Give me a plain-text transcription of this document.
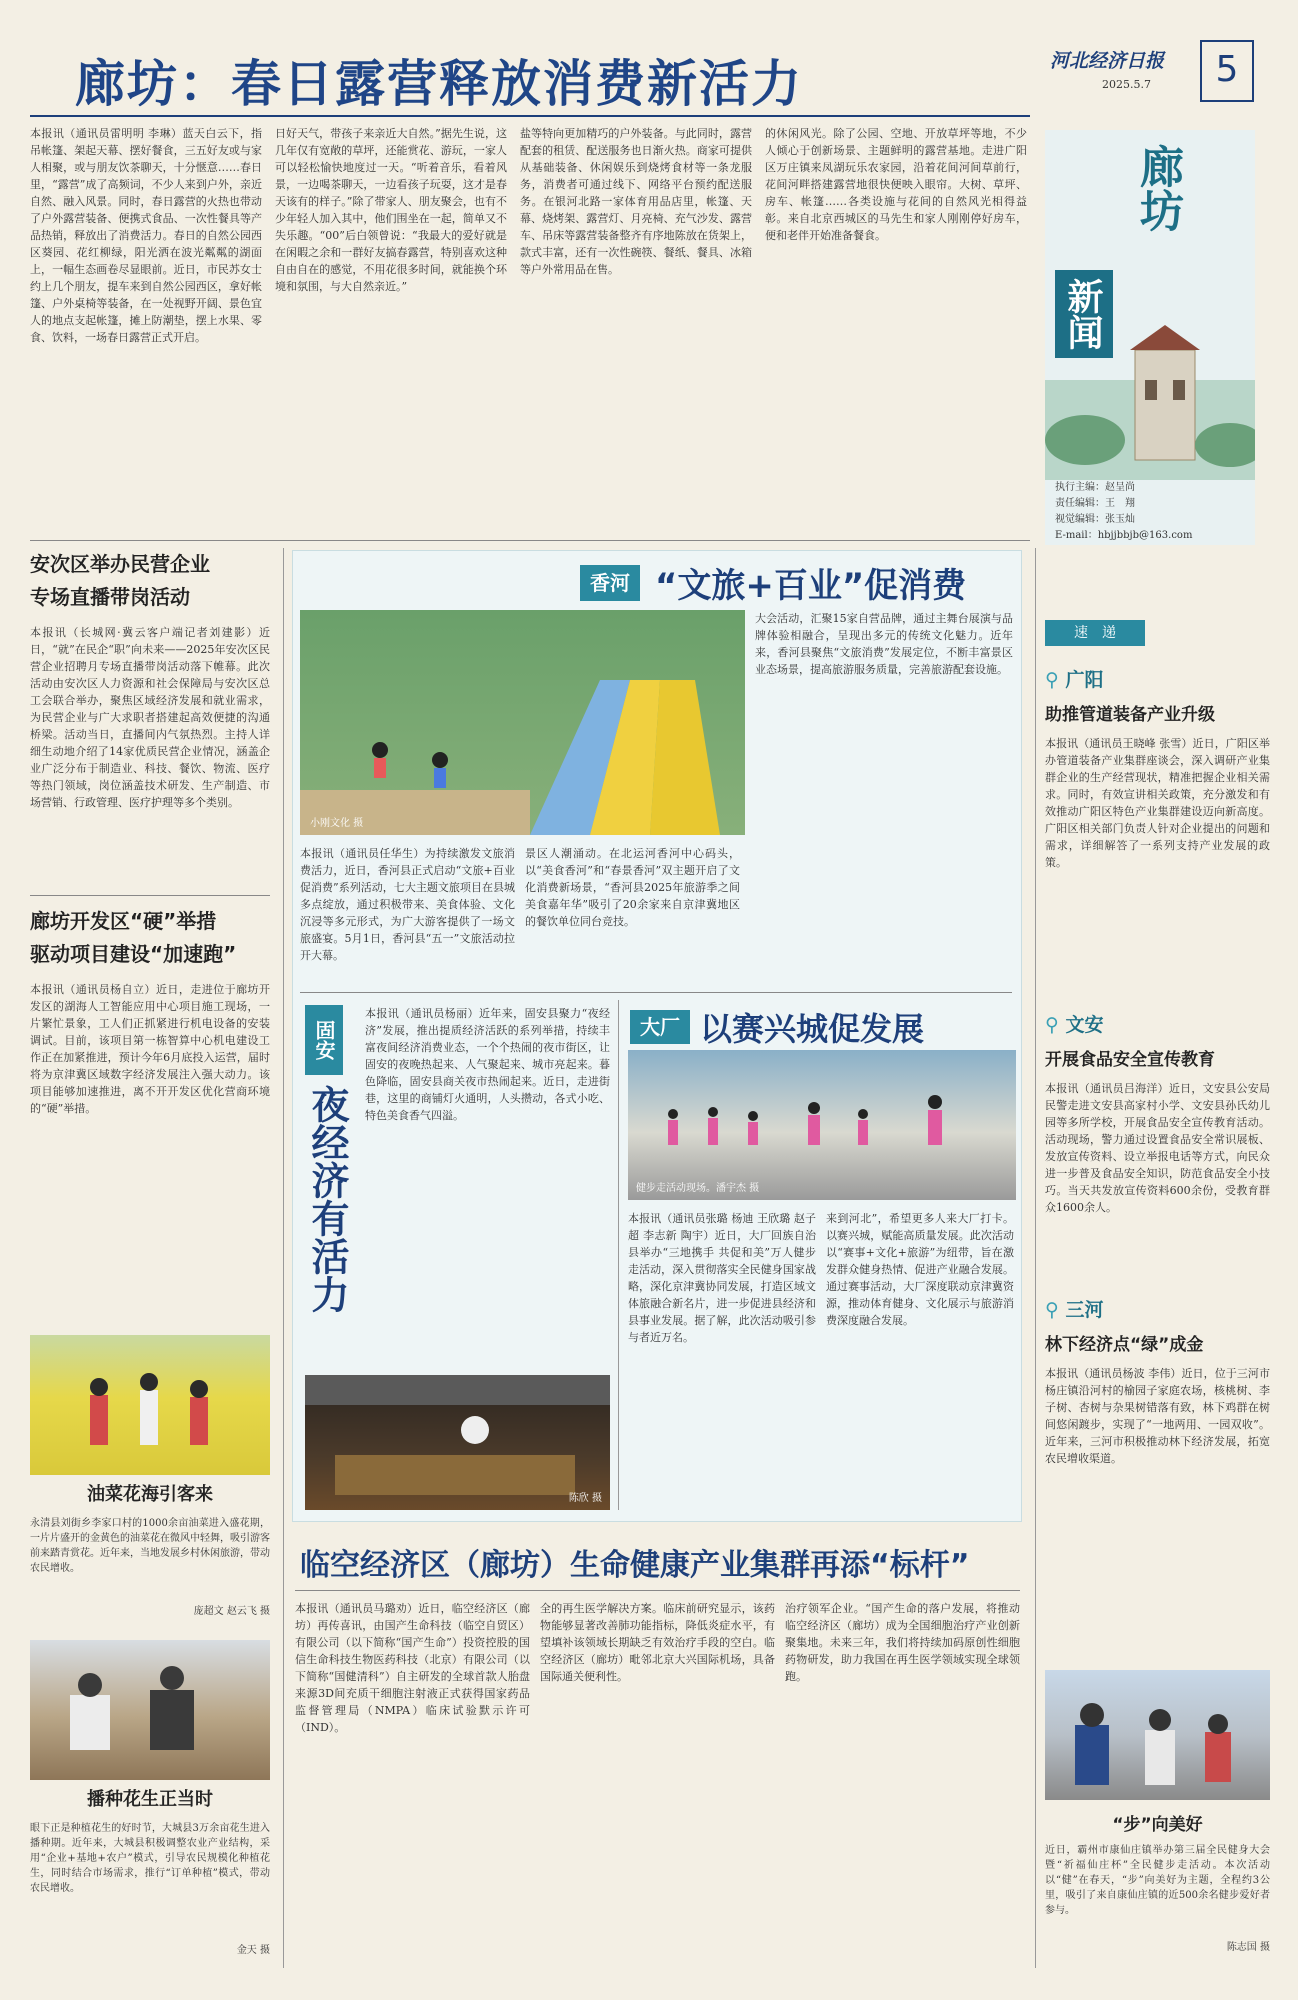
河北经济日报
2025.5.7	5
廊坊：春日露营释放消费新活力
廊坊
新闻
执行主编：赵呈尚
责任编辑：王　翔
视觉编辑：张玉灿
E-mail：hbjjbbjb@163.com
本报讯（通讯员雷明明 李琳）蓝天白云下，指吊帐篷、架起天幕、摆好餐食，三五好友或与家人相聚，或与朋友饮茶聊天，十分惬意……春日里，“露营”成了高频词，不少人来到户外，亲近自然、融入风景。同时，春日露营的火热也带动了户外露营装备、便携式食品、一次性餐具等产品热销，释放出了消费活力。春日的自然公园西区葵园、花红柳绿，阳光洒在波光粼粼的湖面上，一幅生态画卷尽显眼前。近日，市民苏女士约上几个朋友，提车来到自然公园西区，拿好帐篷、户外桌椅等装备，在一处视野开阔、景色宜人的地点支起帐篷，摊上防潮垫，摆上水果、零食、饮料，一场春日露营正式开启。
日好天气，带孩子来亲近大自然。”据先生说，这几年仅有宽敞的草坪，还能赏花、游玩，一家人可以轻松愉快地度过一天。“听着音乐，看着风景，一边喝茶聊天，一边看孩子玩耍，这才是春天该有的样子。”除了带家人、朋友聚会，也有不少年轻人加入其中，他们围坐在一起，简单又不失乐趣。“00”后白领曾说：“我最大的爱好就是在闲暇之余和一群好友搞春露营，特别喜欢这种自由自在的感觉，不用花很多时间，就能换个环境和氛围，与大自然亲近。”
盐等特向更加精巧的户外装备。与此同时，露营配套的租赁、配送服务也日渐火热。商家可提供从基础装备、休闲娱乐到烧烤食材等一条龙服务，消费者可通过线下、网络平台预约配送服务。在银河北路一家体育用品店里，帐篷、天幕、烧烤架、露营灯、月亮椅、充气沙发、露营车、吊床等露营装备整齐有序地陈放在货架上，款式丰富，还有一次性碗筷、餐纸、餐具、冰箱等户外常用品在售。
的休闲风光。除了公园、空地、开放草坪等地，不少人倾心于创新场景、主题鲜明的露营基地。走进广阳区万庄镇来凤湖玩乐农家园，沿着花间河间草前行，花间河畔搭建露营地很快便映入眼帘。大树、草坪、房车、帐篷……各类设施与花间的自然风光相得益彰。来自北京西城区的马先生和家人刚刚停好房车，便和老伴开始准备餐食。
安次区举办民营企业
专场直播带岗活动
本报讯（长城网·冀云客户端记者刘建影）近日，“就”在民企“职”向未来——2025年安次区民营企业招聘月专场直播带岗活动落下帷幕。此次活动由安次区人力资源和社会保障局与安次区总工会联合举办，聚焦区域经济发展和就业需求，为民营企业与广大求职者搭建起高效便捷的沟通桥梁。活动当日，直播间内气氛热烈。主持人详细生动地介绍了14家优质民营企业情况，涵盖企业广泛分布于制造业、科技、餐饮、物流、医疗等热门领域，岗位涵盖技术研发、生产制造、市场营销、行政管理、医疗护理等多个类别。
廊坊开发区“硬”举措
驱动项目建设“加速跑”
本报讯（通讯员杨自立）近日，走进位于廊坊开发区的湖海人工智能应用中心项目施工现场，一片繁忙景象，工人们正抓紧进行机电设备的安装调试。目前，该项目第一栋智算中心机电建设工作正在加紧推进，预计今年6月底投入运营，届时将为京津冀区域数字经济发展注入强大动力。该项目能够加速推进，离不开开发区优化营商环境的“硬”举措。
油菜花海引客来
永清县刘街乡李家口村的1000余亩油菜进入盛花期，一片片盛开的金黄色的油菜花在微风中轻舞，吸引游客前来踏青赏花。近年来，当地发展乡村休闲旅游，带动农民增收。
庞超文 赵云飞 摄
播种花生正当时
眼下正是种植花生的好时节，大城县3万余亩花生进入播种期。近年来，大城县积极调整农业产业结构，采用“企业+基地+农户”模式，引导农民规模化种植花生，同时结合市场需求，推行“订单种植”模式，带动农民增收。
金天 摄
香河 “文旅+百业”促消费
小刚文化 摄
本报讯（通讯员任华生）为持续激发文旅消费活力，近日，香河县正式启动“文旅+百业促消费”系列活动，七大主题文旅项目在县城多点绽放，通过积极带来、美食体验、文化沉浸等多元形式，为广大游客提供了一场文旅盛宴。5月1日，香河县“五一”文旅活动拉开大幕。
景区人潮涌动。在北运河香河中心码头，以“美食香河”和“春景香河”双主题开启了文化消费新场景，“香河县2025年旅游季之间美食嘉年华”吸引了20余家来自京津冀地区的餐饮单位同台竞技。
大会活动，汇聚15家自营品牌，通过主舞台展演与品牌体验相融合，呈现出多元的传统文化魅力。近年来，香河县聚焦“文旅消费”发展定位，不断丰富景区业态场景，提高旅游服务质量，完善旅游配套设施。
固安
夜经济有活力
本报讯（通讯员杨丽）近年来，固安县聚力“夜经济”发展，推出提质经济活跃的系列举措，持续丰富夜间经济消费业态，一个个热闹的夜市街区，让固安的夜晚热起来、人气聚起来、城市亮起来。暮色降临，固安县商关夜市热闹起来。近日，走进街巷，这里的商铺灯火通明，人头攒动，各式小吃、特色美食香气四溢。
陈欣 摄
大厂 以赛兴城促发展
健步走活动现场。潘宇杰 摄
本报讯（通讯员张璐 杨迪 王欣璐 赵子超 李志新 陶宇）近日，大厂回族自治县举办“三地携手 共促和美”万人健步走活动，深入贯彻落实全民健身国家战略，深化京津冀协同发展，打造区域文体旅融合新名片，进一步促进县经济和县事业发展。据了解，此次活动吸引参与者近万名。
来到河北”，希望更多人来大厂打卡。以赛兴城，赋能高质量发展。此次活动以“赛事+文化+旅游”为纽带，旨在激发群众健身热情、促进产业融合发展。通过赛事活动，大厂深度联动京津冀资源，推动体育健身、文化展示与旅游消费深度融合发展。
临空经济区（廊坊）生命健康产业集群再添“标杆”
本报讯（通讯员马璐劝）近日，临空经济区（廊坊）再传喜讯，由国产生命科技（临空自贸区）有限公司（以下简称“国产生命”）投资控股的国信生命科技生物医药科技（北京）有限公司（以下简称“国健清科”）自主研发的全球首款人胎盘来源3D间充质干细胞注射液正式获得国家药品监督管理局（NMPA）临床试验默示许可（IND）。
全的再生医学解决方案。临床前研究显示，该药物能够显著改善肺功能指标，降低炎症水平，有望填补该领域长期缺乏有效治疗手段的空白。临空经济区（廊坊）毗邻北京大兴国际机场，具备国际通关便利性。
治疗领军企业。“国产生命的落户发展，将推动临空经济区（廊坊）成为全国细胞治疗产业创新聚集地。未来三年，我们将持续加码原创性细胞药物研发，助力我国在再生医学领域实现全球领跑。
速　递
⚲ 广阳
助推管道装备产业升级
本报讯（通讯员王晓峰 张雪）近日，广阳区举办管道装备产业集群座谈会，深入调研产业集群企业的生产经营现状，精准把握企业相关需求。同时，有效宣讲相关政策，充分激发和有效推动广阳区特色产业集群建设迈向新高度。广阳区相关部门负责人针对企业提出的问题和需求，详细解答了一系列支持产业发展的政策。
⚲ 文安
开展食品安全宣传教育
本报讯（通讯员吕海洋）近日，文安县公安局民警走进文安县高家村小学、文安县孙氏幼儿园等多所学校，开展食品安全宣传教育活动。活动现场，警力通过设置食品安全常识展板、发放宣传资料、设立举报电话等方式，向民众进一步普及食品安全知识，防范食品安全小技巧。当天共发放宣传资料600余份，受教育群众1600余人。
⚲ 三河
林下经济点“绿”成金
本报讯（通讯员杨波 李伟）近日，位于三河市杨庄镇沿河村的榆园子家庭农场，核桃树、李子树、杏树与杂果树错落有致，林下鸡群在树间悠闲踱步，实现了“一地两用、一园双收”。近年来，三河市积极推动林下经济发展，拓宽农民增收渠道。
“步”向美好
近日，霸州市康仙庄镇举办第三届全民健身大会暨“祈福仙庄杯”全民健步走活动。本次活动以“健”在春天，“步”向美好为主题，全程约3公里，吸引了来自康仙庄镇的近500余名健步爱好者参与。
陈志国 摄
